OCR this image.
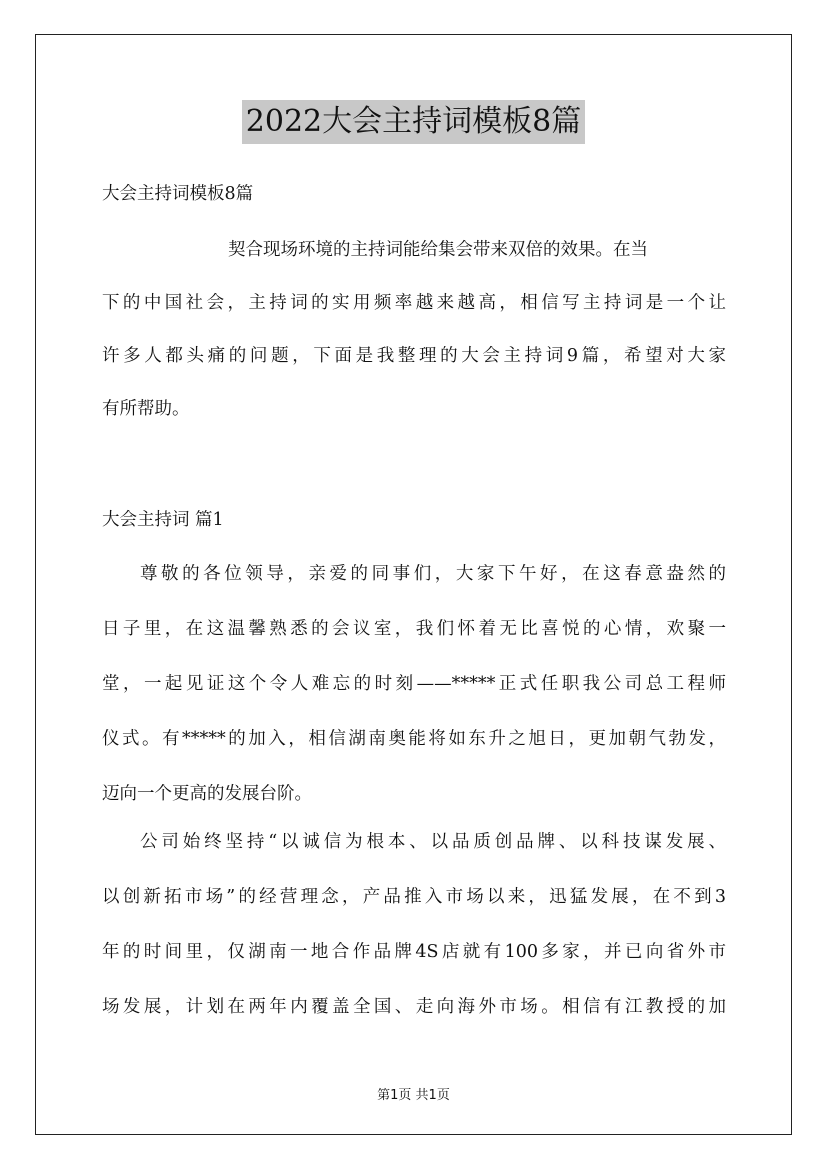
2022大会主持词模板8篇
大会主持词模板8篇
契合现场环境的主持词能给集会带来双倍的效果。在当
下的中国社会，主持词的实用频率越来越高，相信写主持词是一个让
许多人都头痛的问题，下面是我整理的大会主持词9篇，希望对大家
有所帮助。
大会主持词 篇1
尊敬的各位领导，亲爱的同事们，大家下午好，在这春意盎然的
日子里，在这温馨熟悉的会议室，我们怀着无比喜悦的心情，欢聚一
堂，一起见证这个令人难忘的时刻——*****正式任职我公司总工程师
仪式。有*****的加入，相信湖南奥能将如东升之旭日，更加朝气勃发，
迈向一个更高的发展台阶。
公司始终坚持“以诚信为根本、以品质创品牌、以科技谋发展、
以创新拓市场”的经营理念，产品推入市场以来，迅猛发展，在不到3
年的时间里，仅湖南一地合作品牌4S店就有100多家，并已向省外市
场发展，计划在两年内覆盖全国、走向海外市场。相信有江教授的加
第1页 共1页
